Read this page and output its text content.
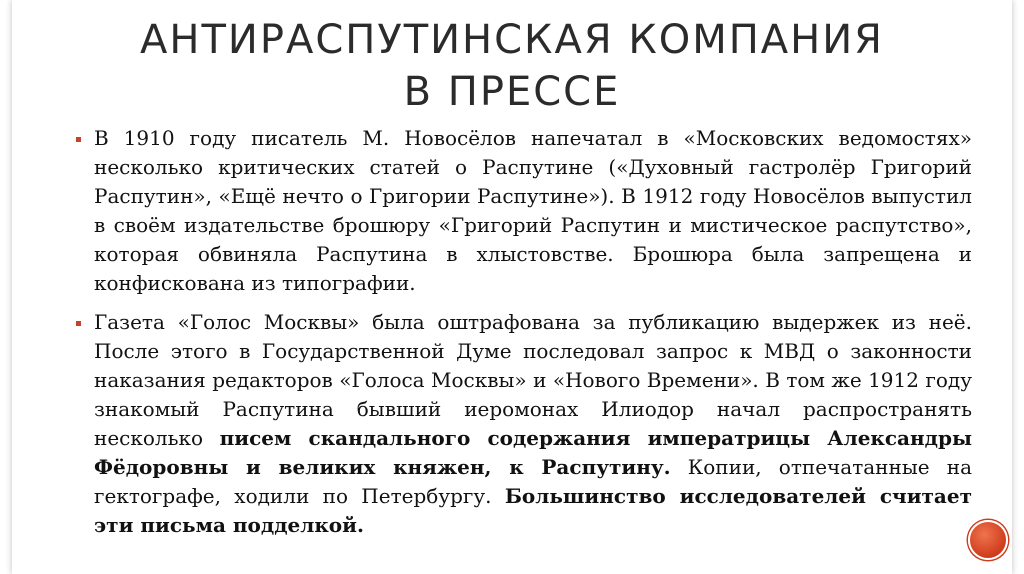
АНТИРАСПУТИНСКАЯ КОМПАНИЯ
В ПРЕССЕ
В 1910 году писатель М. Новосёлов напечатал в «Московских ведомостях» несколько критических статей о Распутине («Духовный гастролёр Григорий Распутин», «Ещё нечто о Григории Распутине»). В 1912 году Новосёлов выпустил в своём издательстве брошюру «Григорий Распутин и мистическое распутство», которая обвиняла Распутина в хлыстовстве. Брошюра была запрещена и конфискована из типографии.
Газета «Голос Москвы» была оштрафована за публикацию выдержек из неё. После этого в Государственной Думе последовал запрос к МВД о законности наказания редакторов «Голоса Москвы» и «Нового Времени». В том же 1912 году знакомый Распутина бывший иеромонах Илиодор начал распространять несколько писем скандального содержания императрицы Александры Фёдоровны и великих княжен, к Распутину. Копии, отпечатанные на гектографе, ходили по Петербургу. Большинство исследователей считает эти письма подделкой.
